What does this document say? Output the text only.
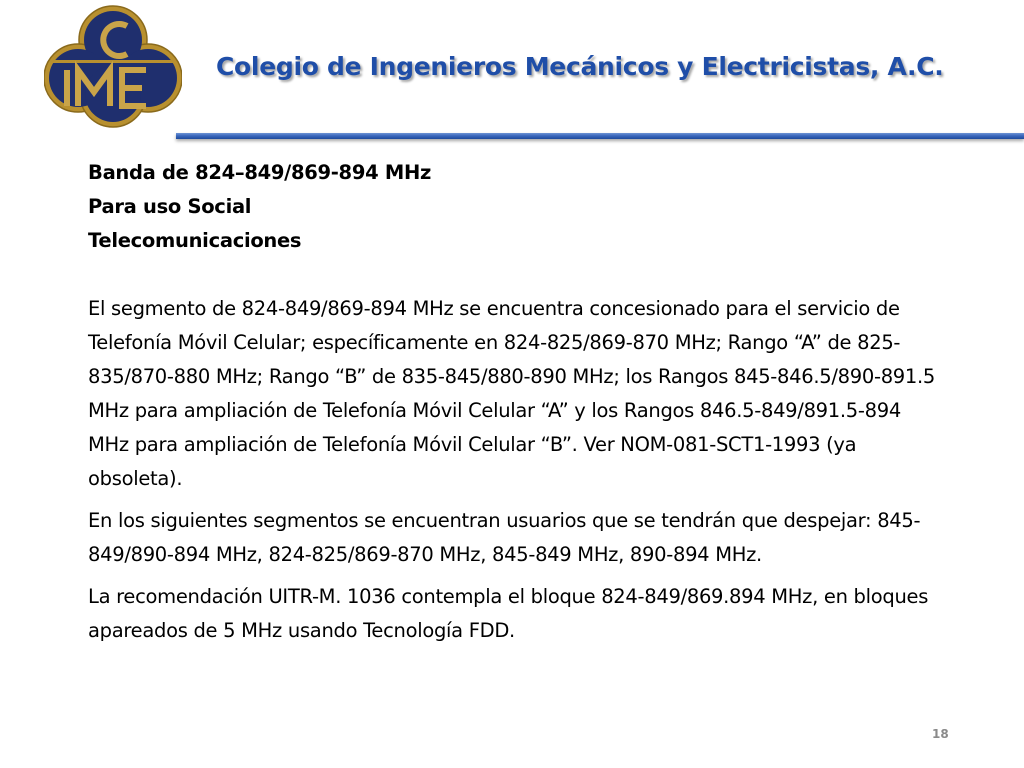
Colegio de Ingenieros Mecánicos y Electricistas, A.C.
Banda de 824–849/869-894 MHz
Para uso Social
Telecomunicaciones

El segmento de 824-849/869-894 MHz se encuentra concesionado para el servicio de Telefonía Móvil Celular; específicamente en 824-825/869-870 MHz; Rango “A” de 825-835/870-880 MHz; Rango “B” de 835-845/880-890 MHz; los Rangos 845-846.5/890-891.5 MHz para ampliación de Telefonía Móvil Celular “A” y los Rangos 846.5-849/891.5-894 MHz para ampliación de Telefonía Móvil Celular “B”. Ver NOM-081-SCT1-1993 (ya obsoleta).

En los siguientes segmentos se encuentran usuarios que se tendrán que despejar: 845-849/890-894 MHz, 824-825/869-870 MHz, 845-849 MHz, 890-894 MHz.

La recomendación UITR-M. 1036 contempla el bloque 824-849/869.894 MHz, en bloques apareados de 5 MHz usando Tecnología FDD.

18
